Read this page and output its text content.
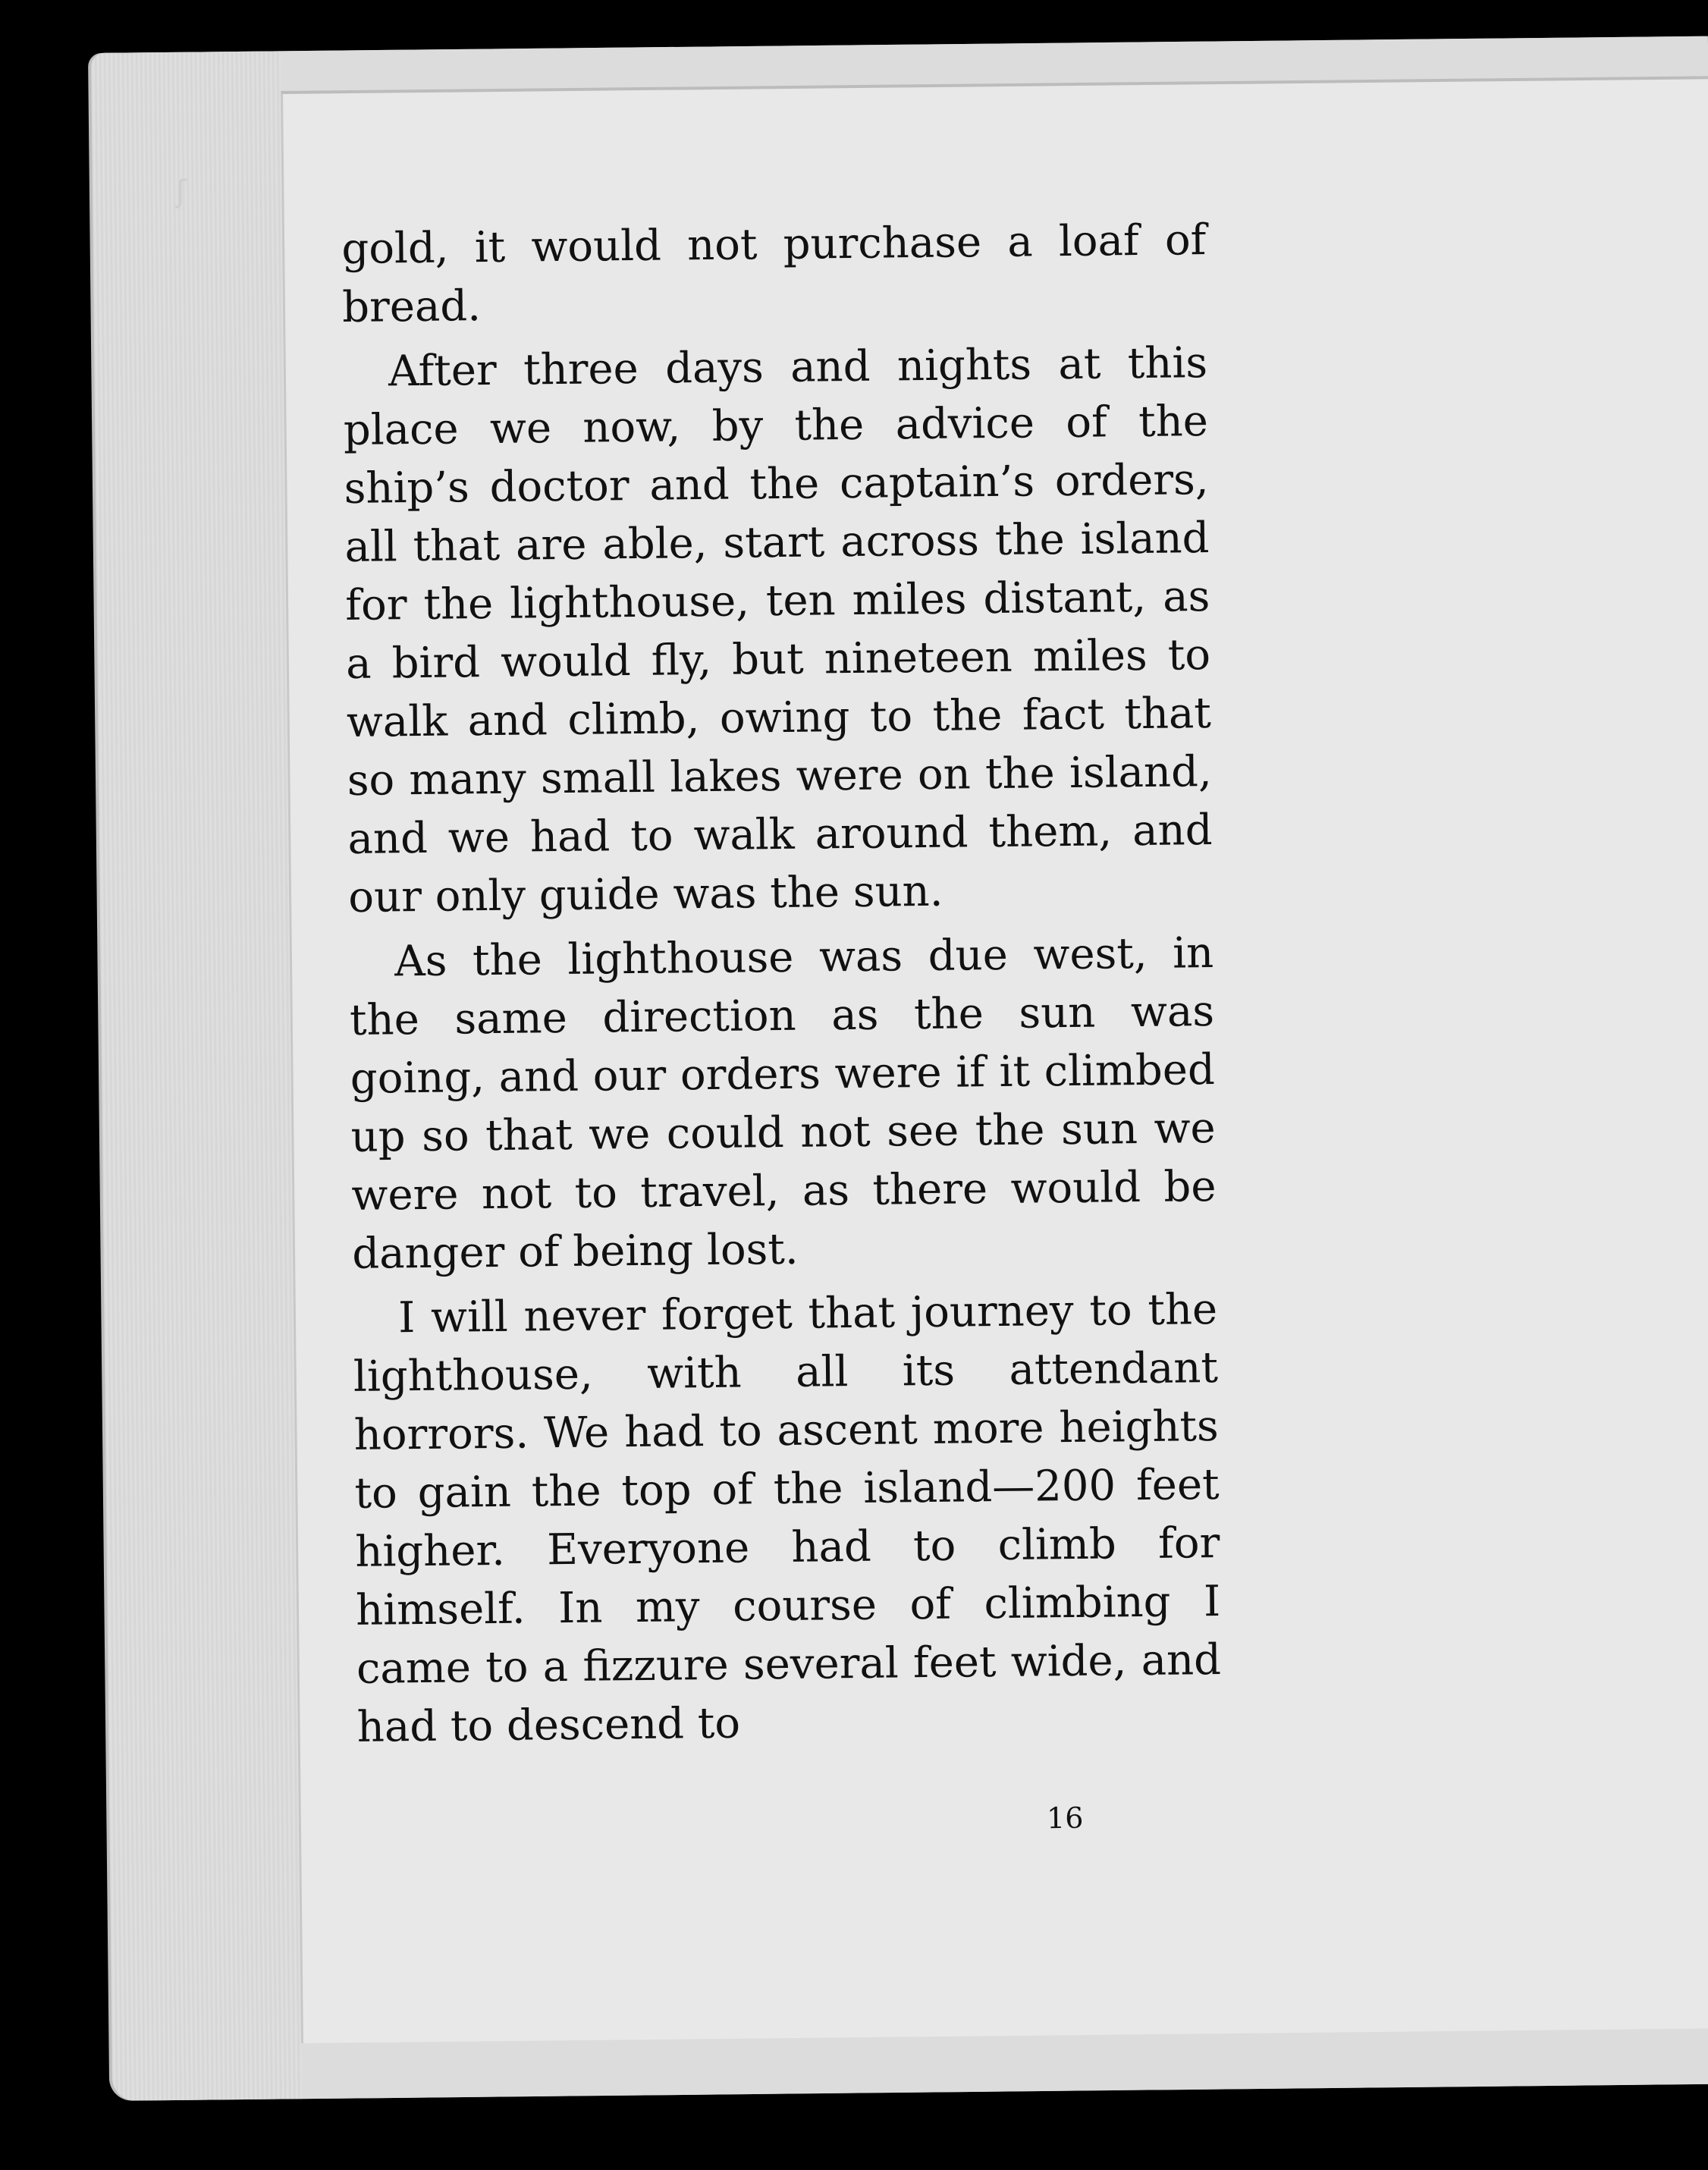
ʃ

gold, it would not purchase a loaf of bread.

After three days and nights at this place we now, by the advice of the ship’s doctor and the captain’s orders, all that are able, start across the island for the lighthouse, ten miles distant, as a bird would fly, but nineteen miles to walk and climb, owing to the fact that so many small lakes were on the island, and we had to walk around them, and our only guide was the sun.

As the lighthouse was due west, in the same direction as the sun was going, and our orders were if it climbed up so that we could not see the sun we were not to travel, as there would be danger of being lost.

I will never forget that journey to the lighthouse, with all its attendant horrors. We had to ascent more heights to gain the top of the island—200 feet higher. Everyone had to climb for himself. In my course of climbing I came to a fizzure several feet wide, and had to descend to

16
